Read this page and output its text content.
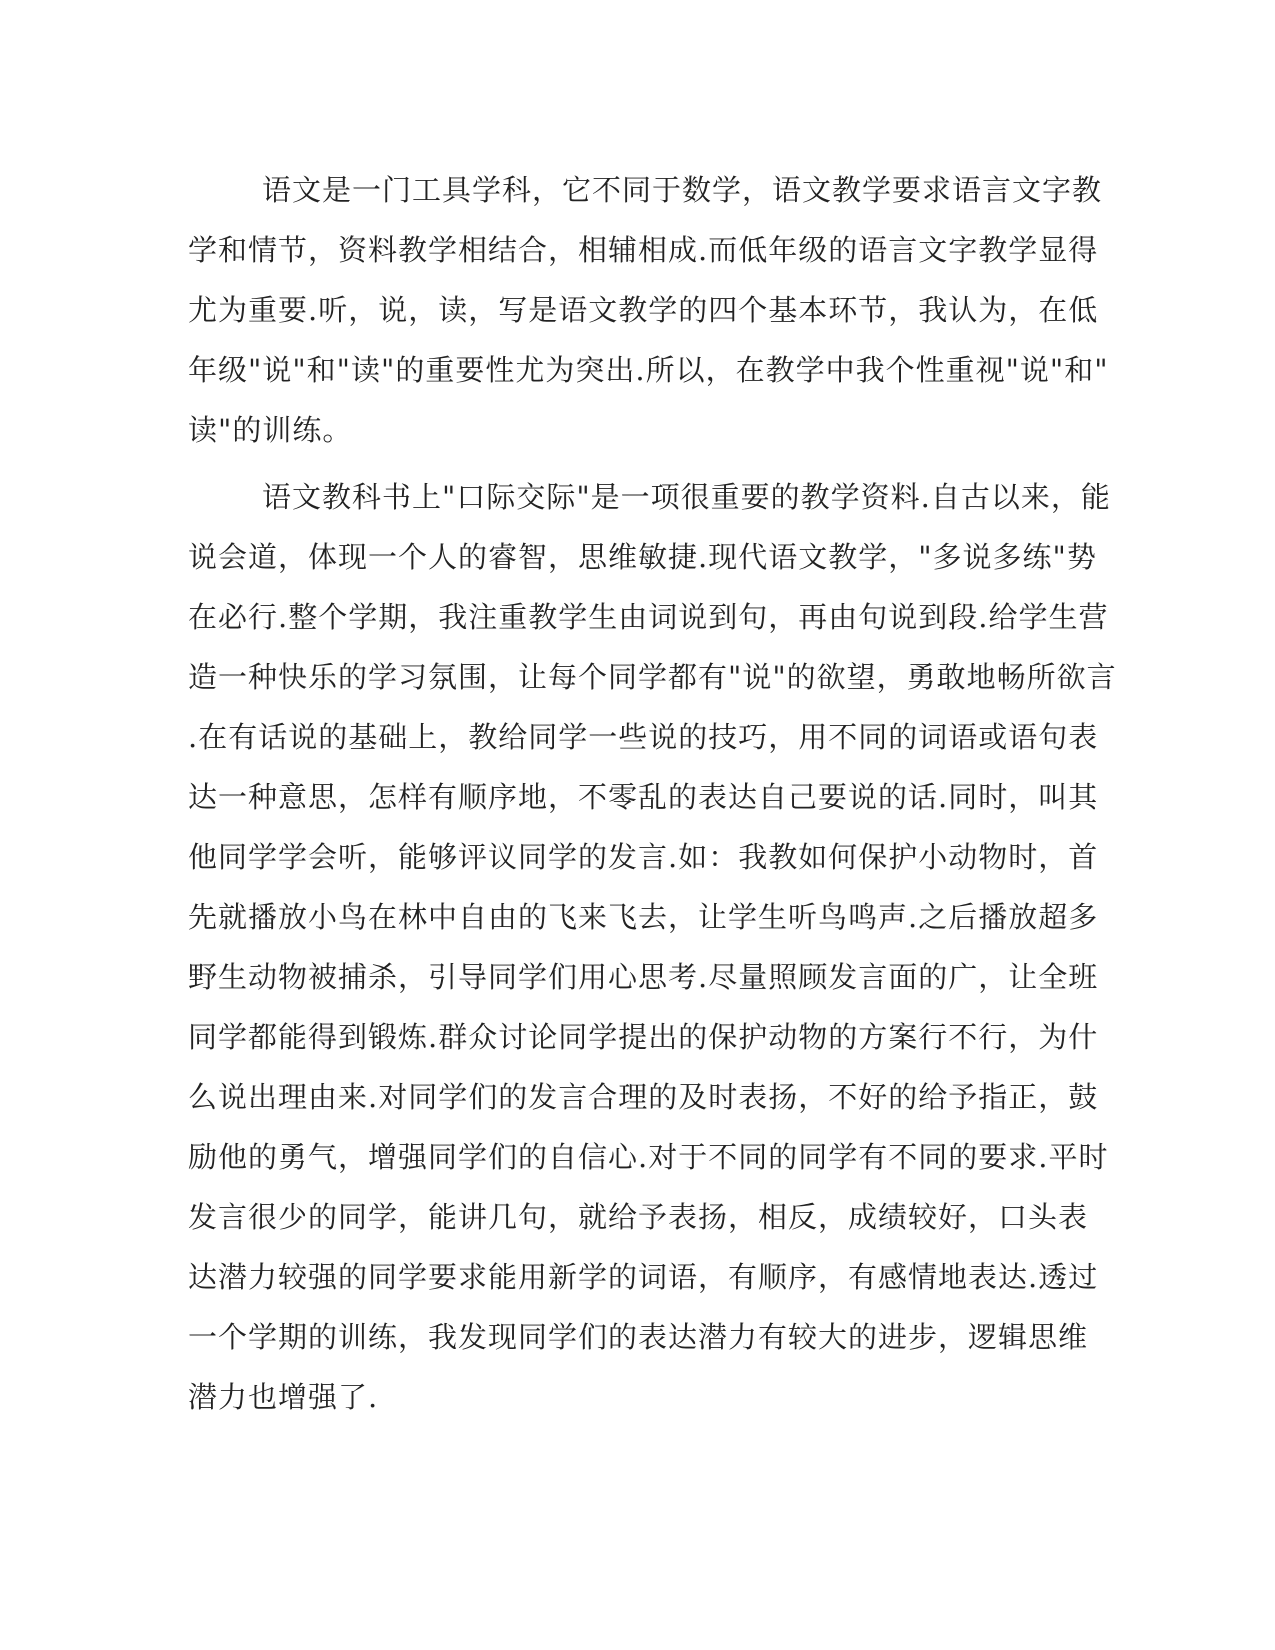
语文是一门工具学科，它不同于数学，语文教学要求语言文字教
学和情节，资料教学相结合，相辅相成.而低年级的语言文字教学显得
尤为重要.听，说，读，写是语文教学的四个基本环节，我认为，在低
年级"说"和"读"的重要性尤为突出.所以，在教学中我个性重视"说"和"
读"的训练。
语文教科书上"口际交际"是一项很重要的教学资料.自古以来，能
说会道，体现一个人的睿智，思维敏捷.现代语文教学，"多说多练"势
在必行.整个学期，我注重教学生由词说到句，再由句说到段.给学生营
造一种快乐的学习氛围，让每个同学都有"说"的欲望，勇敢地畅所欲言
.在有话说的基础上，教给同学一些说的技巧，用不同的词语或语句表
达一种意思，怎样有顺序地，不零乱的表达自己要说的话.同时，叫其
他同学学会听，能够评议同学的发言.如：我教如何保护小动物时，首
先就播放小鸟在林中自由的飞来飞去，让学生听鸟鸣声.之后播放超多
野生动物被捕杀，引导同学们用心思考.尽量照顾发言面的广，让全班
同学都能得到锻炼.群众讨论同学提出的保护动物的方案行不行，为什
么说出理由来.对同学们的发言合理的及时表扬，不好的给予指正，鼓
励他的勇气，增强同学们的自信心.对于不同的同学有不同的要求.平时
发言很少的同学，能讲几句，就给予表扬，相反，成绩较好，口头表
达潜力较强的同学要求能用新学的词语，有顺序，有感情地表达.透过
一个学期的训练，我发现同学们的表达潜力有较大的进步，逻辑思维
潜力也增强了.
